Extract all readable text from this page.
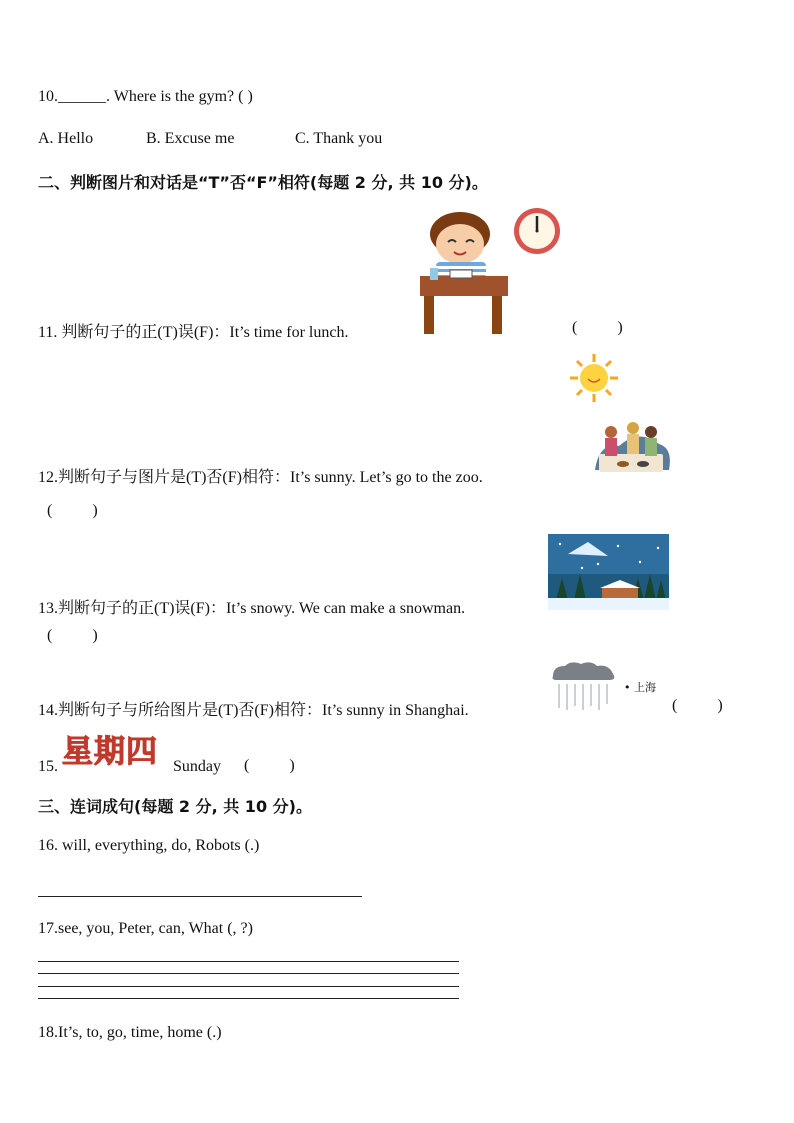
10.______. Where is the gym? ( )
A. Hello	B. Excuse me	C. Thank you
二、判断图片和对话是“T”否“F”相符(每题 2 分, 共 10 分)。
11. 判断句子的正(T)误(F)：It’s time for lunch.	(          )
12.判断句子与图片是(T)否(F)相符：It’s sunny. Let’s go to the zoo.
(          )
13.判断句子的正(T)误(F)：It’s snowy. We can make a snowman.
(          )
• 上海
14.判断句子与所给图片是(T)否(F)相符：It’s sunny in Shanghai.	(          )
15. 星期四 Sunday (          )
三、连词成句(每题 2 分, 共 10 分)。
16. will, everything, do, Robots (.)
17.see, you, Peter, can, What (, ?)
18.It’s, to, go, time, home (.)
